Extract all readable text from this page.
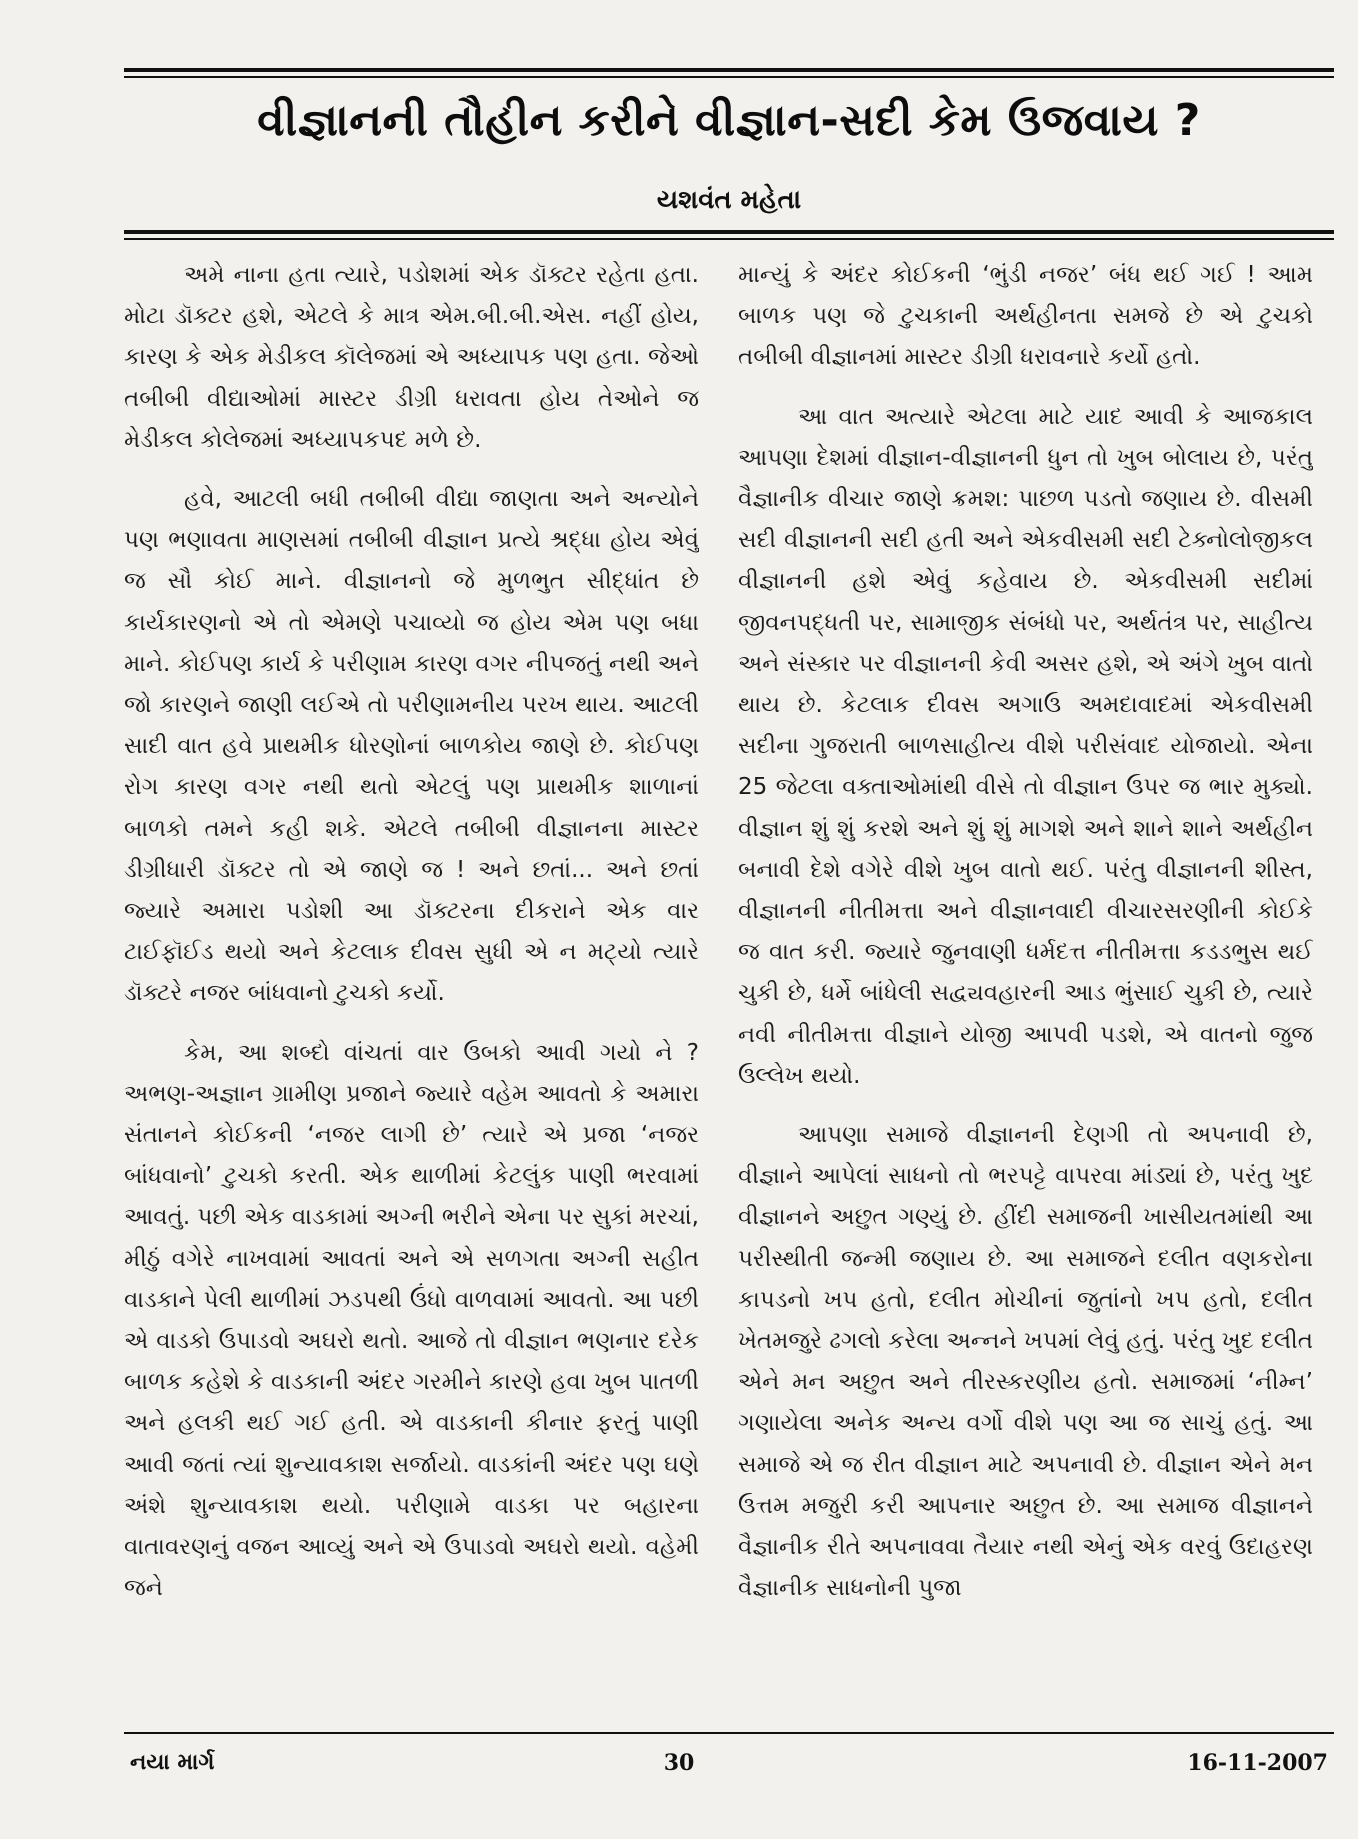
વીજ્ઞાનની તૌહીન કરીને વીજ્ઞાન-સદી કેમ ઉજવાય ?
યશવંત મહેતા

અમે નાના હતા ત્યારે, પડોશમાં એક ડૉક્ટર રહેતા હતા. મોટા ડૉક્ટર હશે, એટલે કે માત્ર એમ.બી.બી.એસ. નહીં હોય, કારણ કે એક મેડીકલ કૉલેજમાં એ અધ્યાપક પણ હતા. જેઓ તબીબી વીદ્યાઓમાં માસ્ટર ડીગ્રી ધરાવતા હોય તેઓને જ મેડીકલ કોલેજમાં અધ્યાપકપદ મળે છે.

હવે, આટલી બધી તબીબી વીદ્યા જાણતા અને અન્યોને પણ ભણાવતા માણસમાં તબીબી વીજ્ઞાન પ્રત્યે શ્રદ્ધા હોય એવું જ સૌ કોઈ માને. વીજ્ઞાનનો જે મુળભુત સીદ્ધાંત છે કાર્યકારણનો એ તો એમણે પચાવ્યો જ હોય એમ પણ બધા માને. કોઈપણ કાર્ય કે પરીણામ કારણ વગર નીપજતું નથી અને જો કારણને જાણી લઈએ તો પરીણામનીય પરખ થાય. આટલી સાદી વાત હવે પ્રાથમીક ધોરણોનાં બાળકોય જાણે છે. કોઈપણ રોગ કારણ વગર નથી થતો એટલું પણ પ્રાથમીક શાળાનાં બાળકો તમને કહી શકે. એટલે તબીબી વીજ્ઞાનના માસ્ટર ડીગ્રીધારી ડૉક્ટર તો એ જાણે જ ! અને છતાં... અને છતાં જ્યારે અમારા પડોશી આ ડૉક્ટરના દીકરાને એક વાર ટાઈફૉઈડ થયો અને કેટલાક દીવસ સુધી એ ન મટ્યો ત્યારે ડૉક્ટરે નજર બાંધવાનો ટુચકો કર્યો.

કેમ, આ શબ્દો વાંચતાં વાર ઉબકો આવી ગયો ને ? અભણ-અજ્ઞાન ગ્રામીણ પ્રજાને જ્યારે વહેમ આવતો કે અમારા સંતાનને કોઈકની ‘નજર લાગી છે’ ત્યારે એ પ્રજા ‘નજર બાંધવાનો’ ટુચકો કરતી. એક થાળીમાં કેટલુંક પાણી ભરવામાં આવતું. પછી એક વાડકામાં અગ્ની ભરીને એના પર સુકાં મરચાં, મીઠું વગેરે નાખવામાં આવતાં અને એ સળગતા અગ્ની સહીત વાડકાને પેલી થાળીમાં ઝડપથી ઉંધો વાળવામાં આવતો. આ પછી એ વાડકો ઉપાડવો અઘરો થતો. આજે તો વીજ્ઞાન ભણનાર દરેક બાળક કહેશે કે વાડકાની અંદર ગરમીને કારણે હવા ખુબ પાતળી અને હલકી થઈ ગઈ હતી. એ વાડકાની કીનાર ફરતું પાણી આવી જતાં ત્યાં શુન્યાવકાશ સર્જાયો. વાડકાંની અંદર પણ ઘણે અંશે શુન્યાવકાશ થયો. પરીણામે વાડકા પર બહારના વાતાવરણનું વજન આવ્યું અને એ ઉપાડવો અઘરો થયો. વહેમી જને

માન્યું કે અંદર કોઈકની ‘ભુંડી નજર’ બંધ થઈ ગઈ ! આમ બાળક પણ જે ટુચકાની અર્થહીનતા સમજે છે એ ટુચકો તબીબી વીજ્ઞાનમાં માસ્ટર ડીગ્રી ધરાવનારે કર્યો હતો.

આ વાત અત્યારે એટલા માટે યાદ આવી કે આજકાલ આપણા દેશમાં વીજ્ઞાન-વીજ્ઞાનની ધુન તો ખુબ બોલાય છે, પરંતુ વૈજ્ઞાનીક વીચાર જાણે ક્રમશ: પાછળ પડતો જણાય છે. વીસમી સદી વીજ્ઞાનની સદી હતી અને એકવીસમી સદી ટેક્નોલોજીકલ વીજ્ઞાનની હશે એવું કહેવાય છે. એકવીસમી સદીમાં જીવનપદ્ધતી પર, સામાજીક સંબંધો પર, અર્થતંત્ર પર, સાહીત્ય અને સંસ્કાર પર વીજ્ઞાનની કેવી અસર હશે, એ અંગે ખુબ વાતો થાય છે. કેટલાક દીવસ અગાઉ અમદાવાદમાં એકવીસમી સદીના ગુજરાતી બાળસાહીત્ય વીશે પરીસંવાદ યોજાયો. એના 25 જેટલા વક્તાઓમાંથી વીસે તો વીજ્ઞાન ઉપર જ ભાર મુક્યો. વીજ્ઞાન શું શું કરશે અને શું શું માગશે અને શાને શાને અર્થહીન બનાવી દેશે વગેરે વીશે ખુબ વાતો થઈ. પરંતુ વીજ્ઞાનની શીસ્ત, વીજ્ઞાનની નીતીમત્તા અને વીજ્ઞાનવાદી વીચારસરણીની કોઈકે જ વાત કરી. જ્યારે જુનવાણી ધર્મદત્ત નીતીમત્તા કડડભુસ થઈ ચુકી છે, ધર્મે બાંધેલી સદ્વ્યવહારની આડ ભુંસાઈ ચુકી છે, ત્યારે નવી નીતીમત્તા વીજ્ઞાને યોજી આપવી પડશે, એ વાતનો જુજ ઉલ્લેખ થયો.

આપણા સમાજે વીજ્ઞાનની દેણગી તો અપનાવી છે, વીજ્ઞાને આપેલાં સાધનો તો ભરપટ્ટે વાપરવા માંડ્યાં છે, પરંતુ ખુદ વીજ્ઞાનને અછુત ગણ્યું છે. હીંદી સમાજની ખાસીયતમાંથી આ પરીસ્થીતી જન્મી જણાય છે. આ સમાજને દલીત વણકરોના કાપડનો ખપ હતો, દલીત મોચીનાં જુતાંનો ખપ હતો, દલીત ખેતમજુરે ઢગલો કરેલા અન્નને ખપમાં લેવું હતું. પરંતુ ખુદ દલીત એને મન અછુત અને તીરસ્કરણીય હતો. સમાજમાં ‘નીમ્ન’ ગણાયેલા અનેક અન્ય વર્ગો વીશે પણ આ જ સાચું હતું. આ સમાજે એ જ રીત વીજ્ઞાન માટે અપનાવી છે. વીજ્ઞાન એને મન ઉત્તમ મજુરી કરી આપનાર અછુત છે. આ સમાજ વીજ્ઞાનને વૈજ્ઞાનીક રીતે અપનાવવા તૈયાર નથી એનું એક વરવું ઉદાહરણ વૈજ્ઞાનીક સાધનોની પુજા

નયા માર્ગ	30	16-11-2007
